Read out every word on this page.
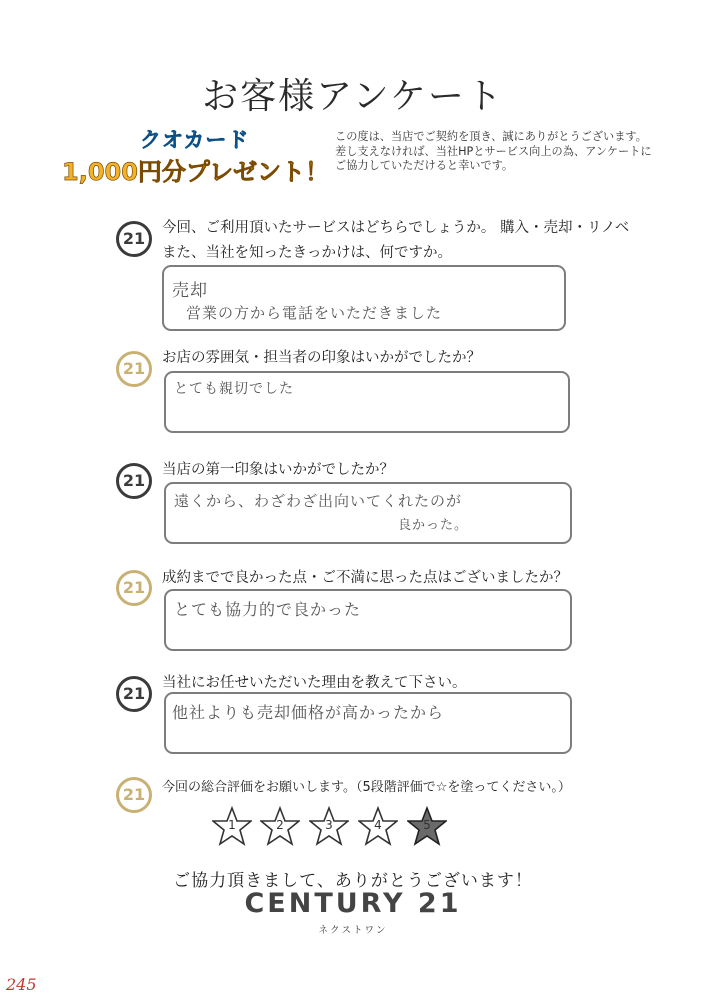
お客様アンケート
クオカード
1,000円分プレゼント！
この度は、当店でご契約を頂き、誠にありがとうございます。
差し支えなければ、当社HPとサービス向上の為、アンケートに
ご協力していただけると幸いです。
21
今回、ご利用頂いたサービスはどちらでしょうか。 購入・売却・リノベ
また、当社を知ったきっかけは、何ですか。
売却
営業の方から電話をいただきました
21
お店の雰囲気・担当者の印象はいかがでしたか？
とても親切でした
21
当店の第一印象はいかがでしたか？
遠くから、わざわざ出向いてくれたのが
良かった。
21	成約までで良かった点・ご不満に思った点はございましたか？
とても協力的で良かった
21
当社にお任せいただいた理由を教えて下さい。
他社よりも売却価格が高かったから
21	今回の総合評価をお願いします。（5段階評価で☆を塗ってください。）
1	2	3	4	5
ご協力頂きまして、ありがとうございます！
CENTURY 21
ネクストワン
245
